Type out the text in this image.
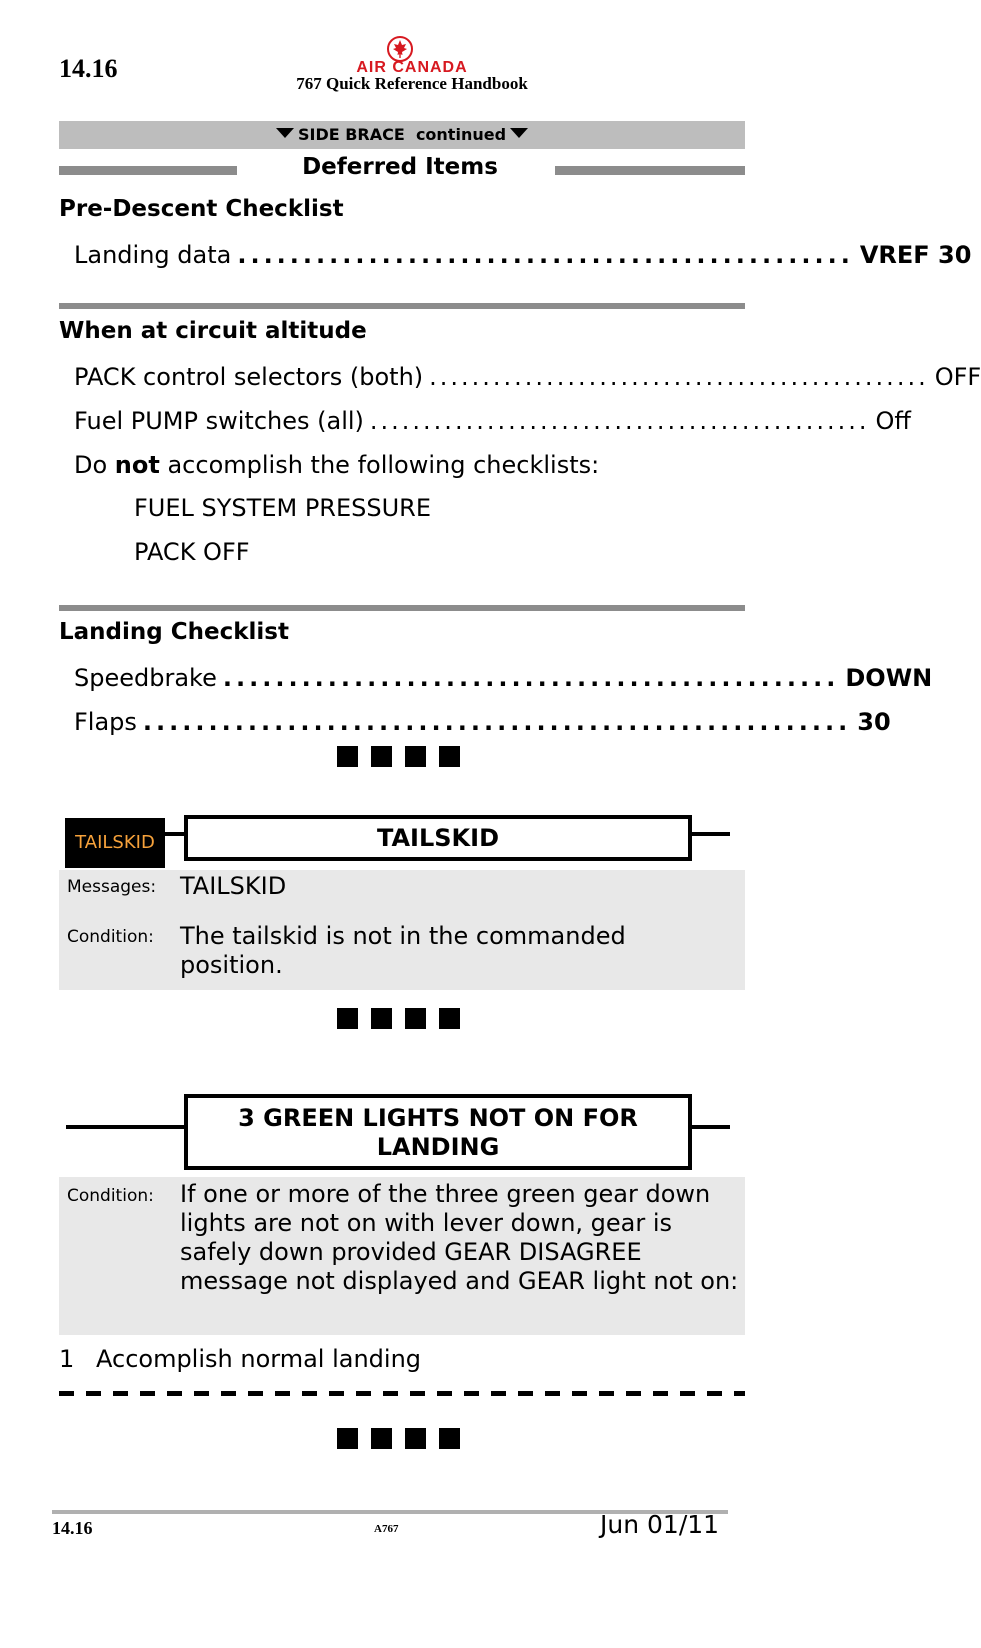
14.16	AIR CANADA
767 Quick Reference Handbook
SIDE BRACE  continued
Deferred Items
Pre-Descent Checklist
Landing data ............................................... VREF 30
When at circuit altitude
PACK control selectors (both) ............................................... OFF
Fuel PUMP switches (all) ............................................... Off
Do not accomplish the following checklists:
FUEL SYSTEM PRESSURE
PACK OFF
Landing Checklist
Speedbrake ............................................... DOWN
Flaps ...................................................... 30
TAILSKID	TAILSKID
Messages: TAILSKID
Condition: The tailskid is not in the commanded position.
3 GREEN LIGHTS NOT ON FOR
LANDING
Condition: If one or more of the three green gear down lights are not on with lever down, gear is safely down provided GEAR DISAGREE message not displayed and GEAR light not on:
1 Accomplish normal landing
14.16	A767	Jun 01/11
